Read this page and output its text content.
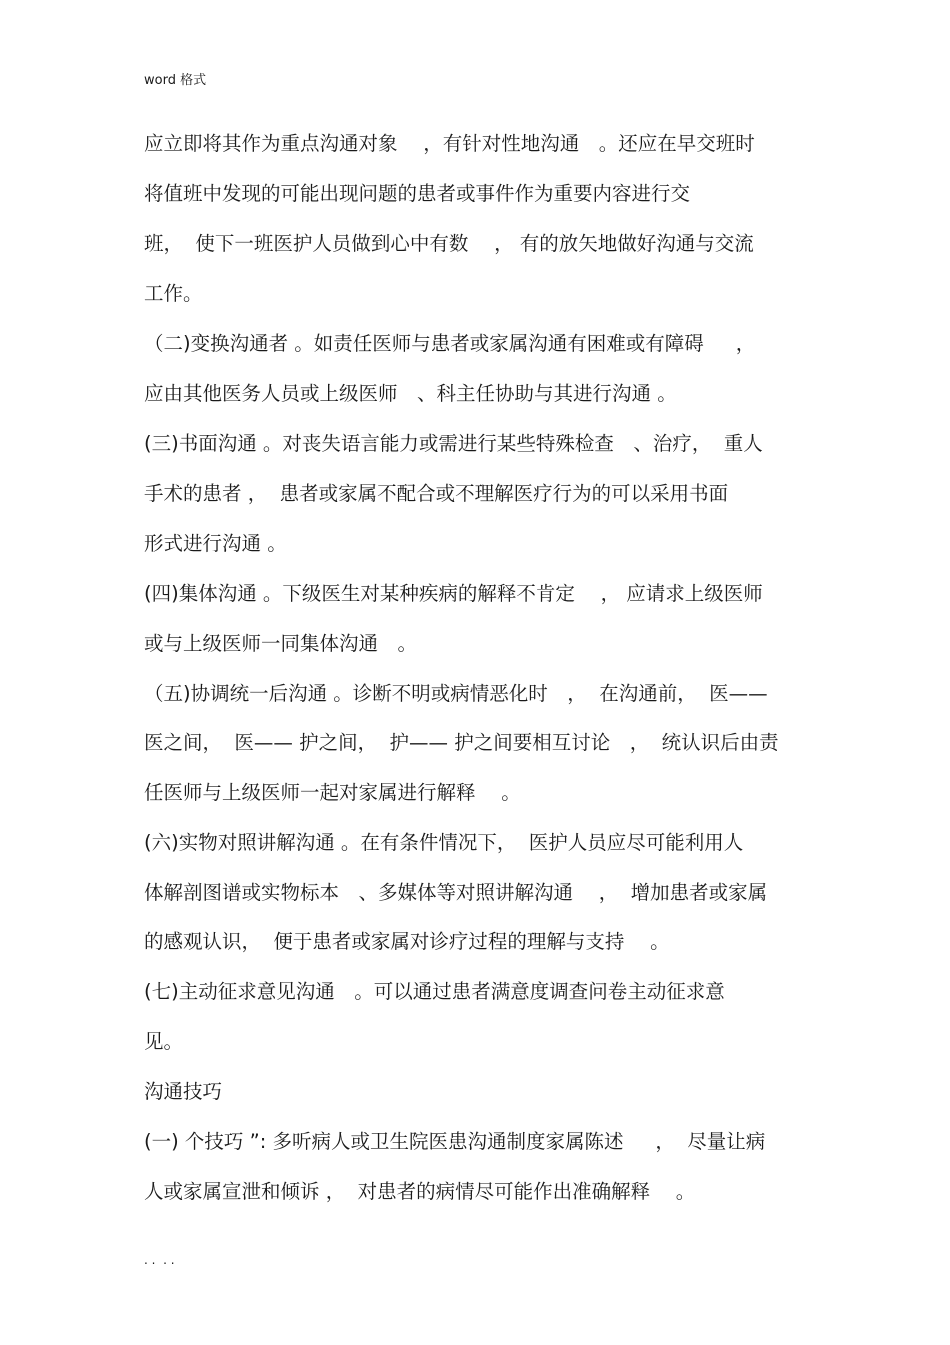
word 格式
应立即将其作为重点沟通对象　 ，有针对性地沟通　。还应在早交班时
将值班中发现的可能出现问题的患者或事件作为重要内容进行交
班，  使下一班医护人员做到心中有数　 ， 有的放矢地做好沟通与交流
工作。
（二)变换沟通者 。如责任医师与患者或家属沟通有困难或有障碍　  ，
应由其他医务人员或上级医师　、科主任协助与其进行沟通 。
(三)书面沟通 。对丧失语言能力或需进行某些特殊检查　、治疗，  重人
手术的患者 ，  患者或家属不配合或不理解医疗行为的可以采用书面
形式进行沟通 。
(四)集体沟通 。下级医生对某种疾病的解释不肯定　 ， 应请求上级医师
或与上级医师一同集体沟通　。
（五)协调统一后沟通 。诊断不明或病情恶化时　，  在沟通前，  医——
医之间，  医—— 护之间，  护—— 护之间要相互讨论　，  统认识后由责
任医师与上级医师一起对家属进行解释　 。
(六)实物对照讲解沟通 。在有条件情况下，  医护人员应尽可能利用人
体解剖图谱或实物标本　、多媒体等对照讲解沟通　 ，  增加患者或家属
的感观认识，  便于患者或家属对诊疗过程的理解与支持　 。
(七)主动征求意见沟通　。可以通过患者满意度调查问卷主动征求意
见。
沟通技巧
(一) 个技巧 ”: 多听病人或卫生院医患沟通制度家属陈述　  ，  尽量让病
人或家属宣泄和倾诉 ，  对患者的病情尽可能作出准确解释　 。
. .  . .
